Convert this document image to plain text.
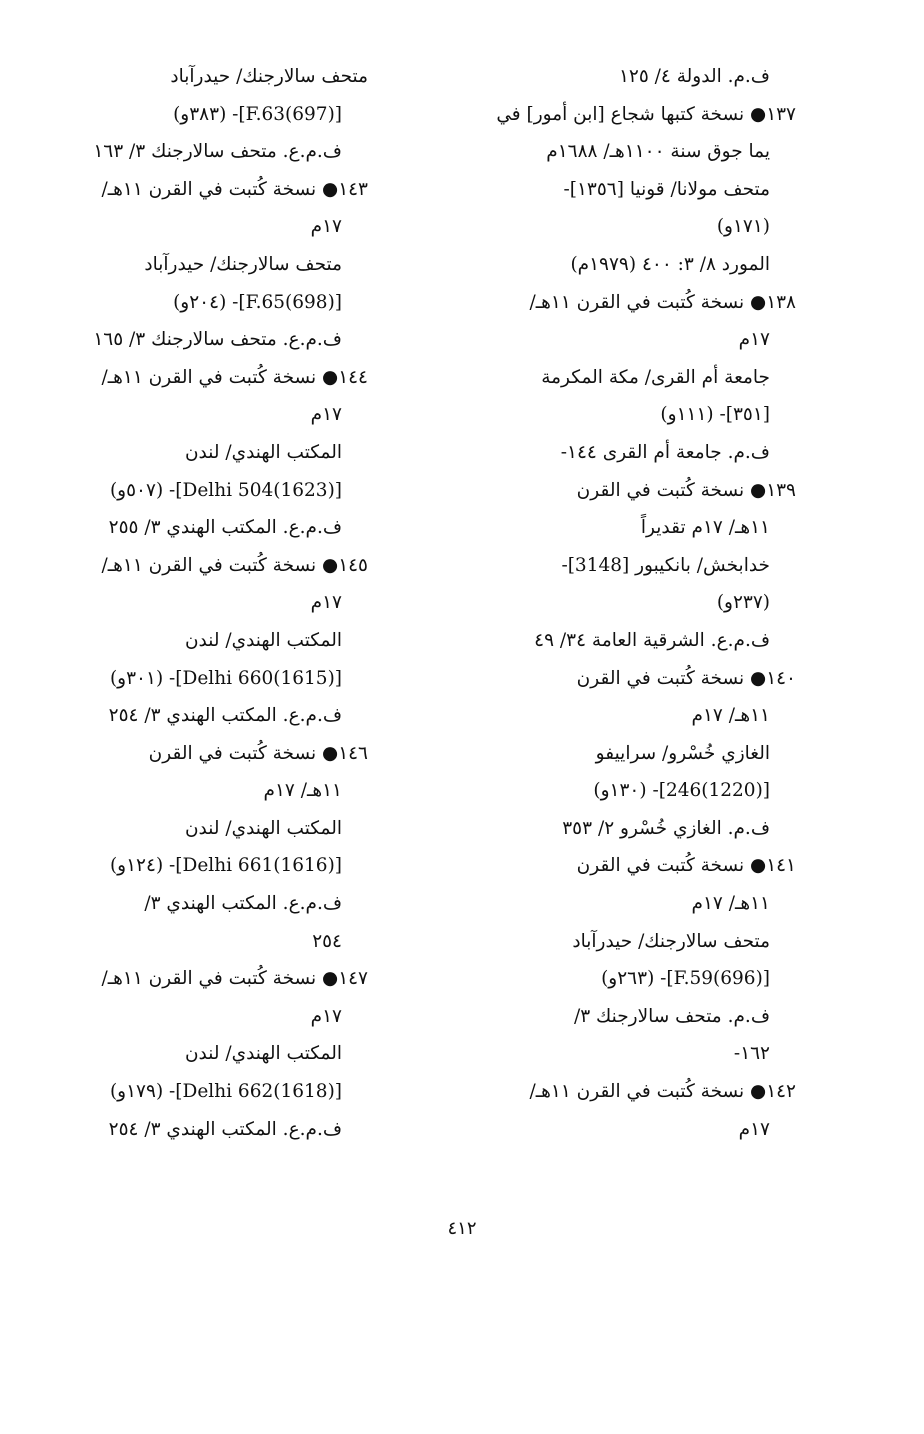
ف.م. الدولة ٤/ ١٢٥
١٣٧● نسخة كتبها شجاع [ابن أمور] في
يما جوق سنة ١١٠٠هـ/ ١٦٨٨م
متحف مولانا/ قونيا [١٣٥٦]-
(١٧١و)
المورد ٨/ ٣: ٤٠٠ (١٩٧٩م)
١٣٨● نسخة كُتبت في القرن ١١هـ/
١٧م
جامعة أم القرى/ مكة المكرمة
[٣٥١]- (١١١و)
ف.م. جامعة أم القرى ١٤٤-
١٣٩● نسخة كُتبت في القرن
١١هـ/ ١٧م تقديراً
خدابخش/ بانكيبور [3148]-
(٢٣٧و)
ف.م.ع. الشرقية العامة ٣٤/ ٤٩
١٤٠● نسخة كُتبت في القرن
١١هـ/ ١٧م
الغازي خُسْرو/ سراييفو
[(1220)246]- (١٣٠و)
ف.م. الغازي خُسْرو ٢/ ٣٥٣
١٤١● نسخة كُتبت في القرن
١١هـ/ ١٧م
متحف سالارجنك/ حيدرآباد
[(696)F.59]- (٢٦٣و)
ف.م. متحف سالارجنك ٣/
١٦٢-
١٤٢● نسخة كُتبت في القرن ١١هـ/
١٧م
متحف سالارجنك/ حيدرآباد
[(697)F.63]- (٣٨٣و)
ف.م.ع. متحف سالارجنك ٣/ ١٦٣
١٤٣● نسخة كُتبت في القرن ١١هـ/
١٧م
متحف سالارجنك/ حيدرآباد
[(698)F.65]- (٢٠٤و)
ف.م.ع. متحف سالارجنك ٣/ ١٦٥
١٤٤● نسخة كُتبت في القرن ١١هـ/
١٧م
المكتب الهندي/ لندن
[(1623)Delhi 504]- (٥٠٧و)
ف.م.ع. المكتب الهندي ٣/ ٢٥٥
١٤٥● نسخة كُتبت في القرن ١١هـ/
١٧م
المكتب الهندي/ لندن
[(1615)Delhi 660]- (٣٠١و)
ف.م.ع. المكتب الهندي ٣/ ٢٥٤
١٤٦● نسخة كُتبت في القرن
١١هـ/ ١٧م
المكتب الهندي/ لندن
[(1616)Delhi 661]- (١٢٤و)
ف.م.ع. المكتب الهندي ٣/
٢٥٤
١٤٧● نسخة كُتبت في القرن ١١هـ/
١٧م
المكتب الهندي/ لندن
[(1618)Delhi 662]- (١٧٩و)
ف.م.ع. المكتب الهندي ٣/ ٢٥٤
٤١٢
